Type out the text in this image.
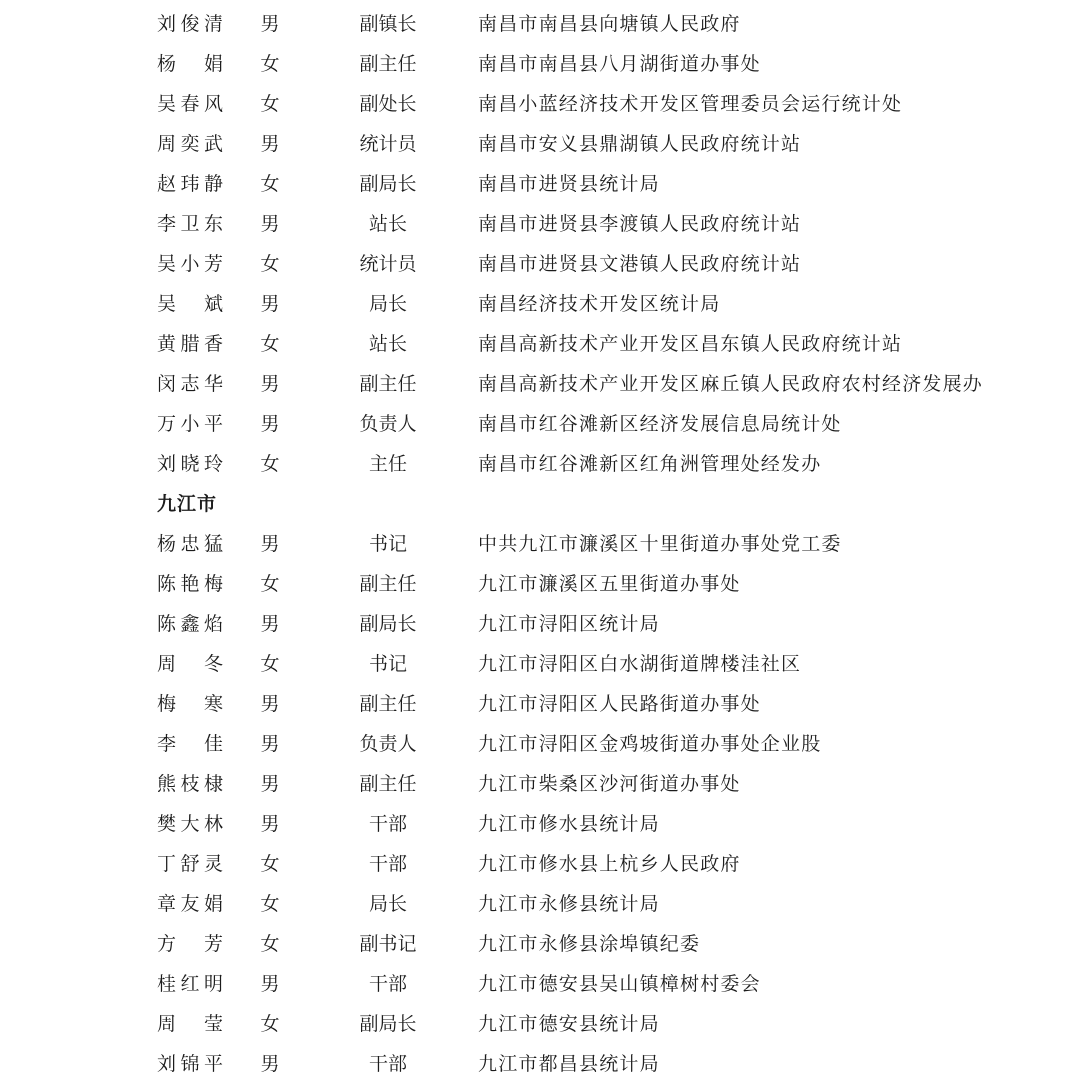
刘俊清 男	副镇长	南昌市南昌县向塘镇人民政府
杨娟 女	副主任	南昌市南昌县八月湖街道办事处
吴春风 女	副处长	南昌小蓝经济技术开发区管理委员会运行统计处
周奕武 男	统计员	南昌市安义县鼎湖镇人民政府统计站
赵玮静 女	副局长	南昌市进贤县统计局
李卫东 男	站长	南昌市进贤县李渡镇人民政府统计站
吴小芳 女	统计员	南昌市进贤县文港镇人民政府统计站
吴斌 男	局长	南昌经济技术开发区统计局
黄腊香 女	站长	南昌高新技术产业开发区昌东镇人民政府统计站
闵志华 男	副主任	南昌高新技术产业开发区麻丘镇人民政府农村经济发展办
万小平 男	负责人	南昌市红谷滩新区经济发展信息局统计处
刘晓玲 女	主任	南昌市红谷滩新区红角洲管理处经发办
九江市
杨忠猛 男	书记	中共九江市濂溪区十里街道办事处党工委
陈艳梅 女	副主任	九江市濂溪区五里街道办事处
陈鑫焰 男	副局长	九江市浔阳区统计局
周冬 女	书记	九江市浔阳区白水湖街道牌楼洼社区
梅寒 男	副主任	九江市浔阳区人民路街道办事处
李佳 男	负责人	九江市浔阳区金鸡坡街道办事处企业股
熊枝棣 男	副主任	九江市柴桑区沙河街道办事处
樊大林 男	干部	九江市修水县统计局
丁舒灵 女	干部	九江市修水县上杭乡人民政府
章友娟 女	局长	九江市永修县统计局
方芳 女	副书记	九江市永修县涂埠镇纪委
桂红明 男	干部	九江市德安县吴山镇樟树村委会
周莹 女	副局长	九江市德安县统计局
刘锦平 男	干部	九江市都昌县统计局
